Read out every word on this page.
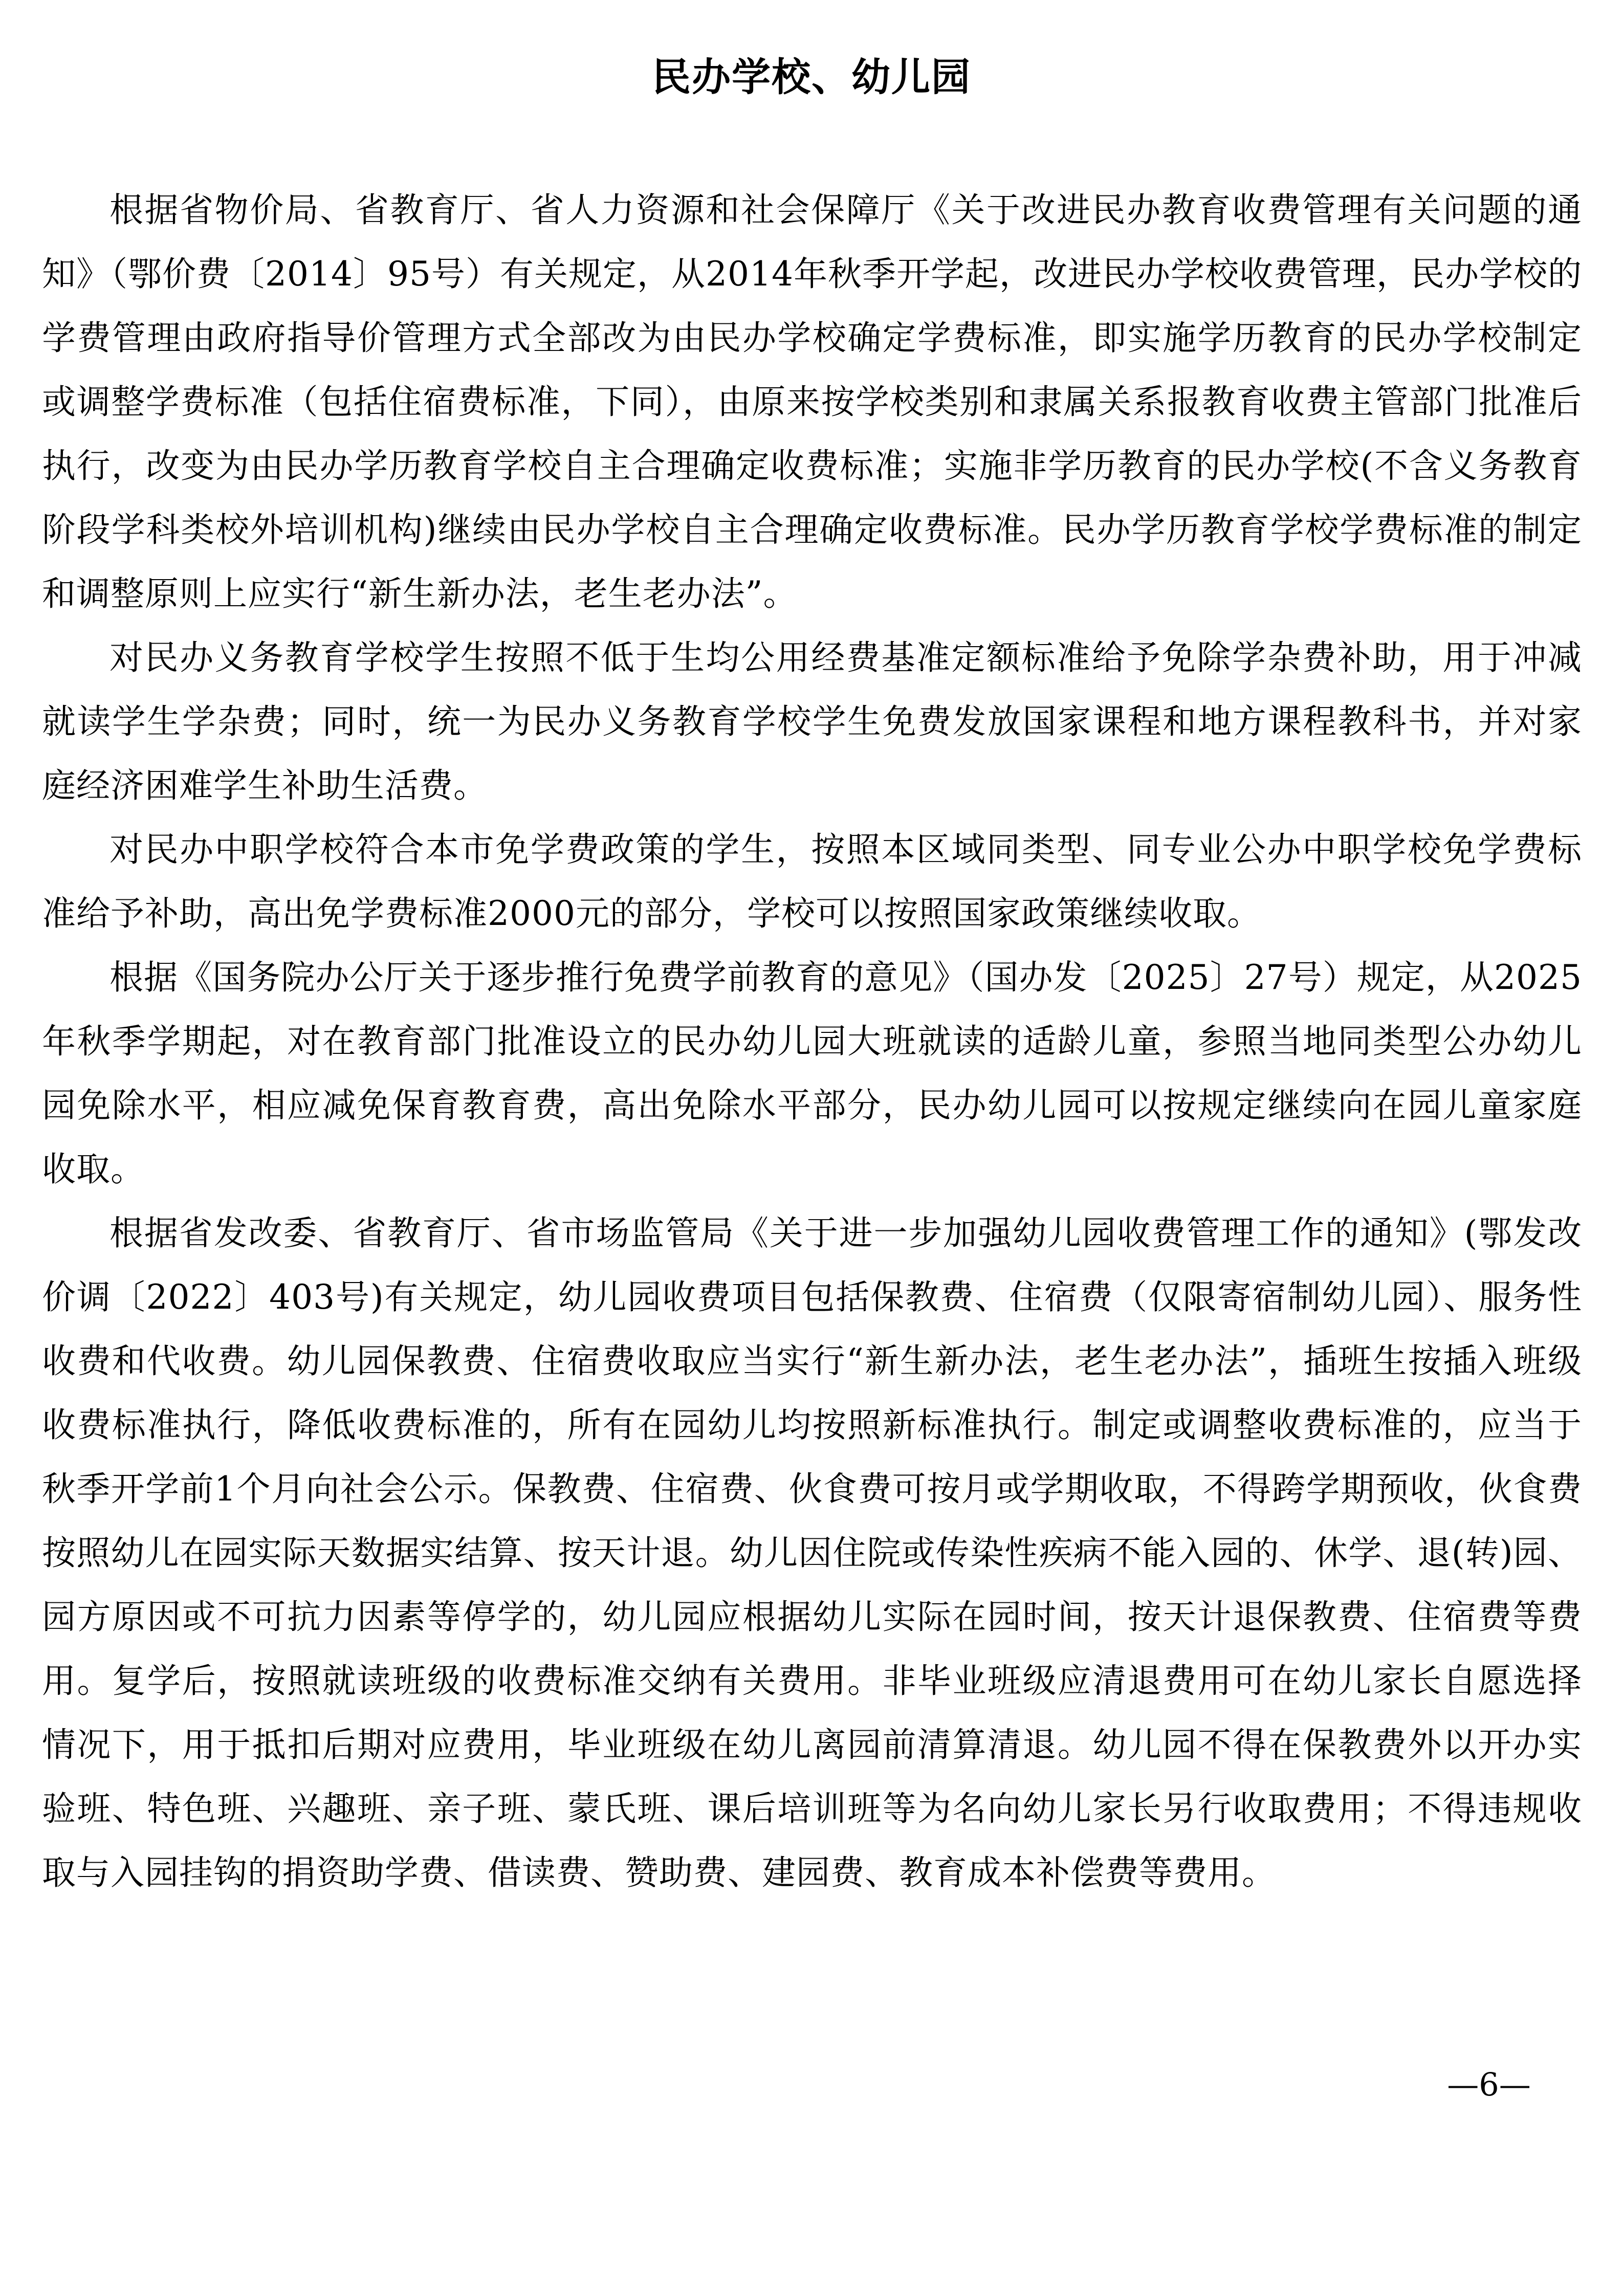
民办学校、幼儿园

根据省物价局、省教育厅、省人力资源和社会保障厅《关于改进民办教育收费管理有关问题的通知》（鄂价费〔2014〕95号）有关规定，从2014年秋季开学起，改进民办学校收费管理，民办学校的学费管理由政府指导价管理方式全部改为由民办学校确定学费标准，即实施学历教育的民办学校制定或调整学费标准（包括住宿费标准，下同），由原来按学校类别和隶属关系报教育收费主管部门批准后执行，改变为由民办学历教育学校自主合理确定收费标准；实施非学历教育的民办学校(不含义务教育阶段学科类校外培训机构)继续由民办学校自主合理确定收费标准。民办学历教育学校学费标准的制定和调整原则上应实行“新生新办法，老生老办法”。

对民办义务教育学校学生按照不低于生均公用经费基准定额标准给予免除学杂费补助，用于冲减就读学生学杂费；同时，统一为民办义务教育学校学生免费发放国家课程和地方课程教科书，并对家庭经济困难学生补助生活费。

对民办中职学校符合本市免学费政策的学生，按照本区域同类型、同专业公办中职学校免学费标准给予补助，高出免学费标准2000元的部分，学校可以按照国家政策继续收取。

根据《国务院办公厅关于逐步推行免费学前教育的意见》（国办发〔2025〕27号）规定，从2025年秋季学期起，对在教育部门批准设立的民办幼儿园大班就读的适龄儿童，参照当地同类型公办幼儿园免除水平，相应减免保育教育费，高出免除水平部分，民办幼儿园可以按规定继续向在园儿童家庭收取。

根据省发改委、省教育厅、省市场监管局《关于进一步加强幼儿园收费管理工作的通知》(鄂发改价调〔2022〕403号)有关规定，幼儿园收费项目包括保教费、住宿费（仅限寄宿制幼儿园）、服务性收费和代收费。幼儿园保教费、住宿费收取应当实行“新生新办法，老生老办法”，插班生按插入班级收费标准执行，降低收费标准的，所有在园幼儿均按照新标准执行。制定或调整收费标准的，应当于秋季开学前1个月向社会公示。保教费、住宿费、伙食费可按月或学期收取，不得跨学期预收，伙食费按照幼儿在园实际天数据实结算、按天计退。幼儿因住院或传染性疾病不能入园的、休学、退(转)园、园方原因或不可抗力因素等停学的，幼儿园应根据幼儿实际在园时间，按天计退保教费、住宿费等费用。复学后，按照就读班级的收费标准交纳有关费用。非毕业班级应清退费用可在幼儿家长自愿选择情况下，用于抵扣后期对应费用，毕业班级在幼儿离园前清算清退。幼儿园不得在保教费外以开办实验班、特色班、兴趣班、亲子班、蒙氏班、课后培训班等为名向幼儿家长另行收取费用；不得违规收取与入园挂钩的捐资助学费、借读费、赞助费、建园费、教育成本补偿费等费用。

—6—
